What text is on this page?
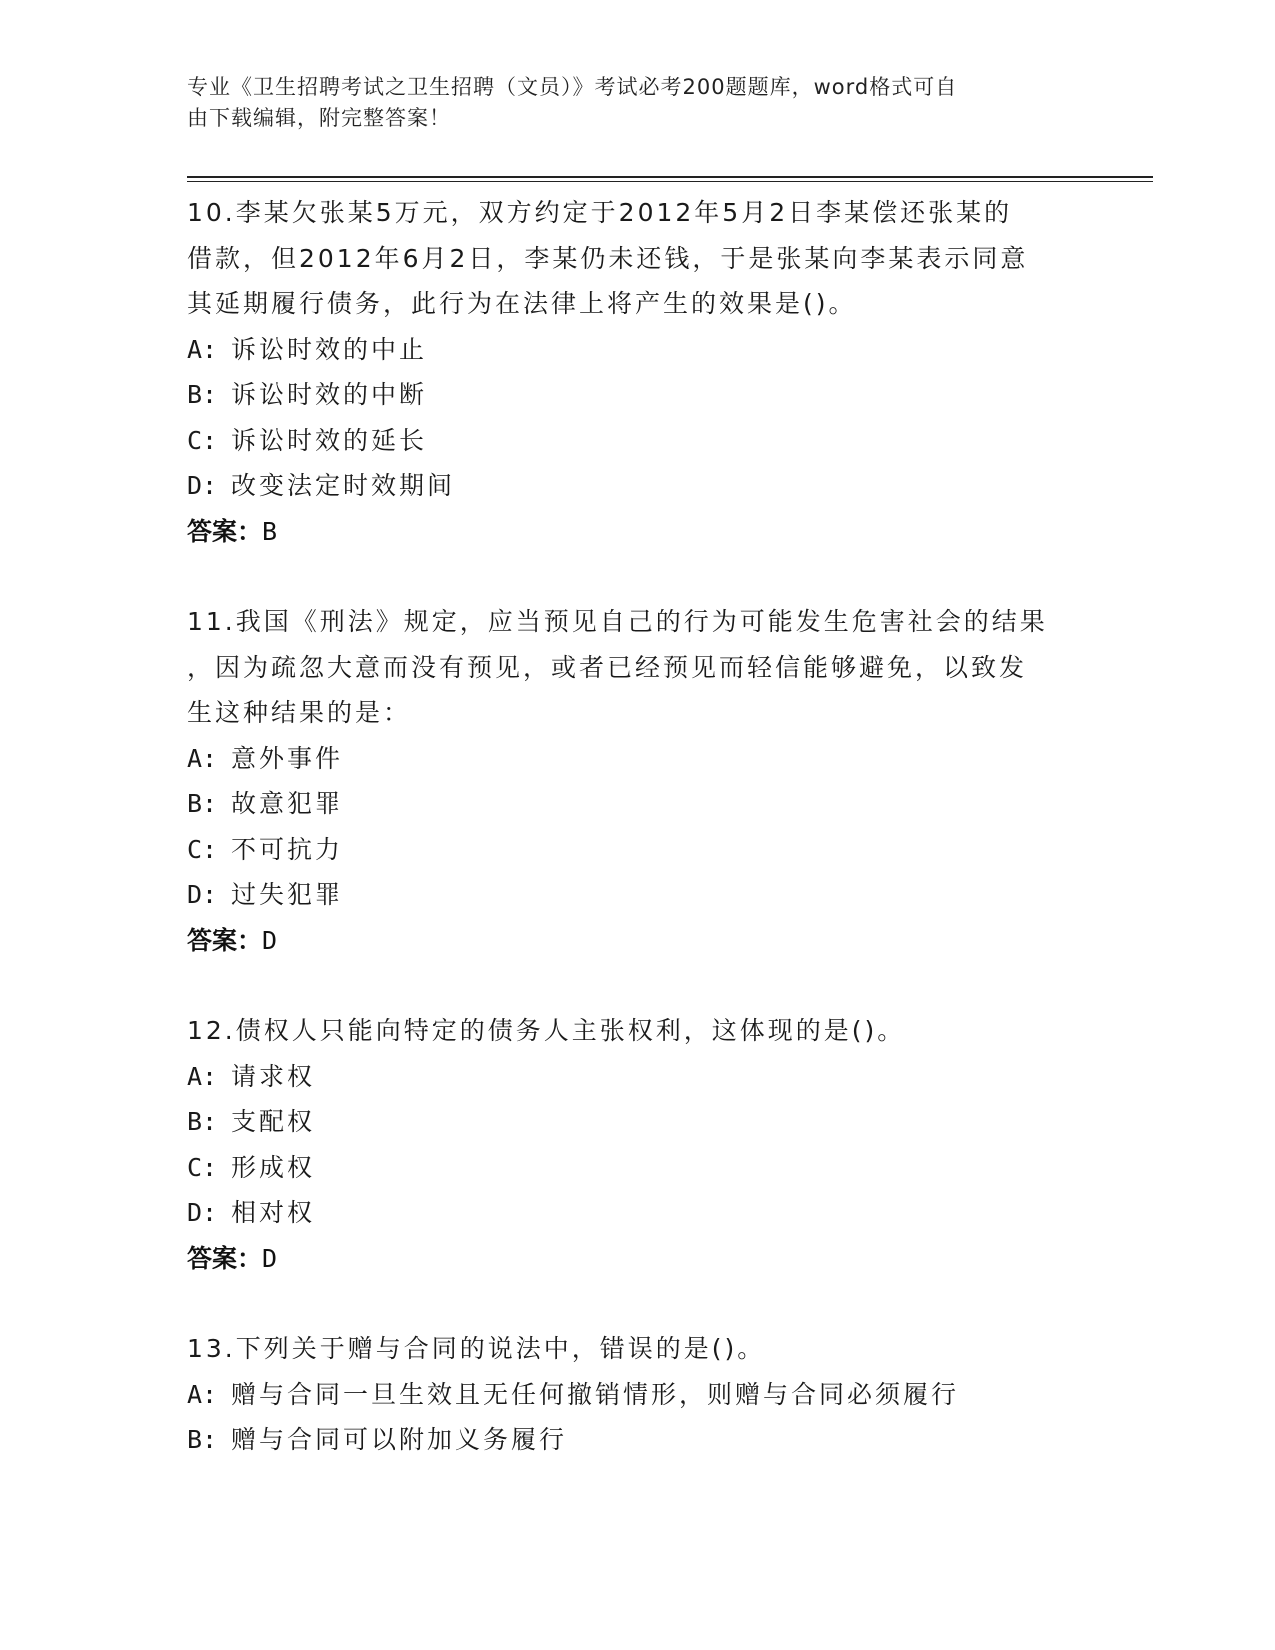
专业《卫生招聘考试之卫生招聘（文员）》考试必考200题题库，word格式可自
由下载编辑，附完整答案！
10.李某欠张某5万元，双方约定于2012年5月2日李某偿还张某的
借款，但2012年6月2日，李某仍未还钱，于是张某向李某表示同意
其延期履行债务，此行为在法律上将产生的效果是()。
A: 诉讼时效的中止
B: 诉讼时效的中断
C: 诉讼时效的延长
D: 改变法定时效期间
答案：B
11.我国《刑法》规定，应当预见自己的行为可能发生危害社会的结果
，因为疏忽大意而没有预见，或者已经预见而轻信能够避免，以致发
生这种结果的是：
A: 意外事件
B: 故意犯罪
C: 不可抗力
D: 过失犯罪
答案：D
12.债权人只能向特定的债务人主张权利，这体现的是()。
A: 请求权
B: 支配权
C: 形成权
D: 相对权
答案：D
13.下列关于赠与合同的说法中，错误的是()。
A: 赠与合同一旦生效且无任何撤销情形，则赠与合同必须履行
B: 赠与合同可以附加义务履行
